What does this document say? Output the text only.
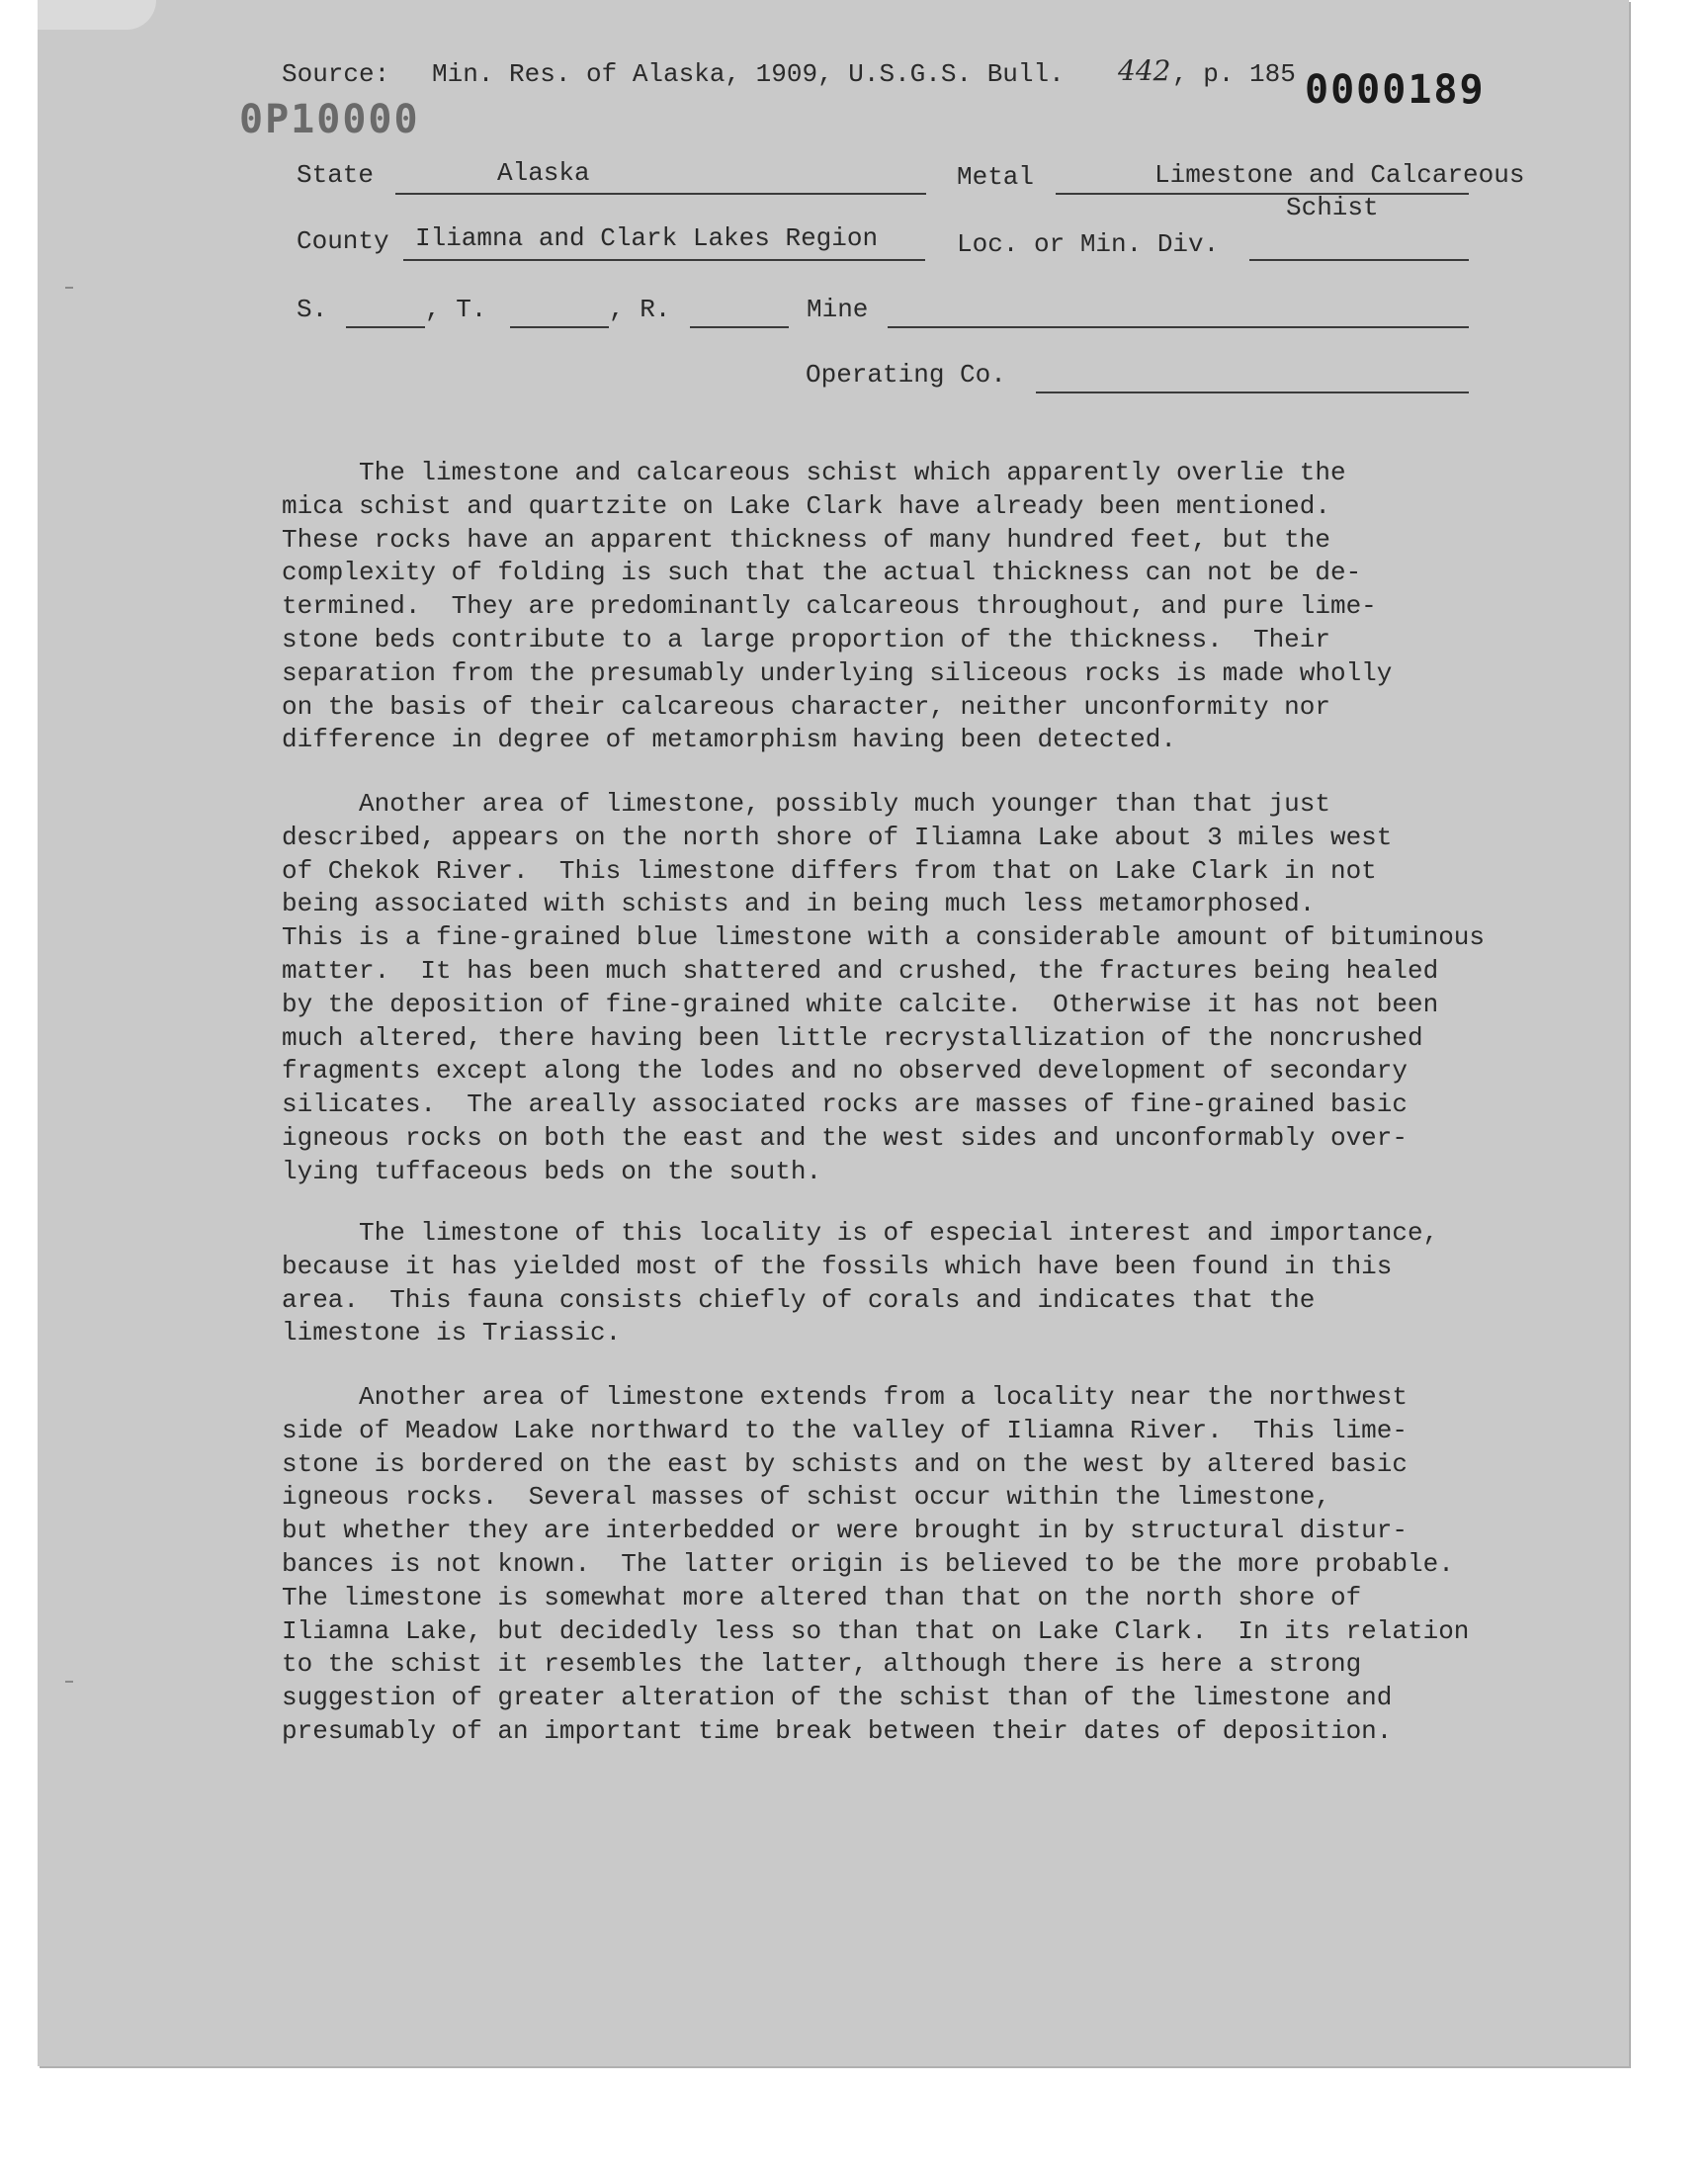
Source: Min. Res. of Alaska, 1909, U.S.G.S. Bull. 442 , p. 185 0000189
0P10000
State	Alaska	Metal	Limestone and Calcareous
Schist
County Iliamna and Clark Lakes Region	Loc. or Min. Div.
S.	, T.	, R.	Mine
Operating Co.

The limestone and calcareous schist which apparently overlie the
mica schist and quartzite on Lake Clark have already been mentioned.
These rocks have an apparent thickness of many hundred feet, but the
complexity of folding is such that the actual thickness can not be de-
termined.  They are predominantly calcareous throughout, and pure lime-
stone beds contribute to a large proportion of the thickness.  Their
separation from the presumably underlying siliceous rocks is made wholly
on the basis of their calcareous character, neither unconformity nor
difference in degree of metamorphism having been detected.

Another area of limestone, possibly much younger than that just
described, appears on the north shore of Iliamna Lake about 3 miles west
of Chekok River.  This limestone differs from that on Lake Clark in not
being associated with schists and in being much less metamorphosed.
This is a fine-grained blue limestone with a considerable amount of bituminous
matter.  It has been much shattered and crushed, the fractures being healed
by the deposition of fine-grained white calcite.  Otherwise it has not been
much altered, there having been little recrystallization of the noncrushed
fragments except along the lodes and no observed development of secondary
silicates.  The areally associated rocks are masses of fine-grained basic
igneous rocks on both the east and the west sides and unconformably over-
lying tuffaceous beds on the south.

The limestone of this locality is of especial interest and importance,
because it has yielded most of the fossils which have been found in this
area.  This fauna consists chiefly of corals and indicates that the
limestone is Triassic.

Another area of limestone extends from a locality near the northwest
side of Meadow Lake northward to the valley of Iliamna River.  This lime-
stone is bordered on the east by schists and on the west by altered basic
igneous rocks.  Several masses of schist occur within the limestone,
but whether they are interbedded or were brought in by structural distur-
bances is not known.  The latter origin is believed to be the more probable.
The limestone is somewhat more altered than that on the north shore of
Iliamna Lake, but decidedly less so than that on Lake Clark.  In its relation
to the schist it resembles the latter, although there is here a strong
suggestion of greater alteration of the schist than of the limestone and
presumably of an important time break between their dates of deposition.
